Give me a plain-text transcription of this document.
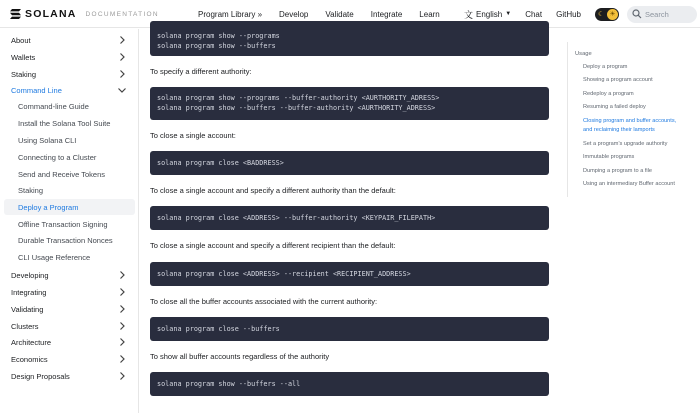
SOLANA DOCUMENTATION	Program Library » Develop Validate Integrate Learn	文 English ▼ Chat GitHub ☾ ☀	Search
About
Wallets
Staking
Command Line
Command-line Guide
Install the Solana Tool Suite
Using Solana CLI
Connecting to a Cluster
Send and Receive Tokens
Staking
Deploy a Program
Offline Transaction Signing
Durable Transaction Nonces
CLI Usage Reference
Developing
Integrating
Validating
Clusters
Architecture
Economics
Design Proposals
solana program show --programs
solana program show --buffers
To specify a different authority:
solana program show --programs --buffer-authority <AURTHORITY_ADRESS>
solana program show --buffers --buffer-authority <AURTHORITY_ADRESS>
To close a single account:
solana program close <BADDRESS>
To close a single account and specify a different authority than the default:
solana program close <ADDRESS> --buffer-authority <KEYPAIR_FILEPATH>
To close a single account and specify a different recipient than the default:
solana program close <ADDRESS> --recipient <RECIPIENT_ADDRESS>
To close all the buffer accounts associated with the current authority:
solana program close --buffers
To show all buffer accounts regardless of the authority
solana program show --buffers --all
Usage
Deploy a program
Showing a program account
Redeploy a program
Resuming a failed deploy
Closing program and buffer accounts,
and reclaiming their lamports
Set a program's upgrade authority
Immutable programs
Dumping a program to a file
Using an intermediary Buffer account
